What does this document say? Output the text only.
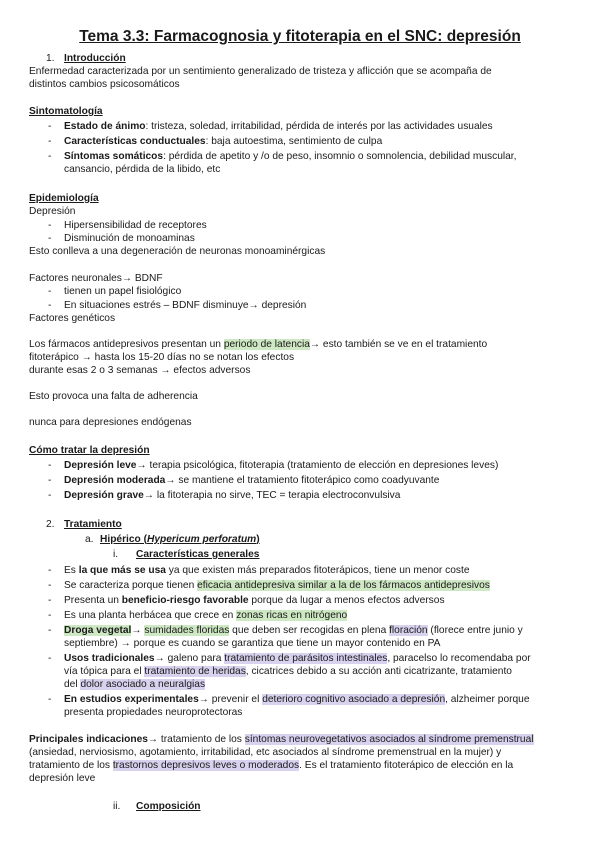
Tema 3.3: Farmacognosia y fitoterapia en el SNC: depresión
1. Introducción
Enfermedad caracterizada por un sentimiento generalizado de tristeza y aflicción que se acompaña de
distintos cambios psicosomáticos
Sintomatología
- Estado de ánimo: tristeza, soledad, irritabilidad, pérdida de interés por las actividades usuales
- Características conductuales: baja autoestima, sentimiento de culpa
- Síntomas somáticos: pérdida de apetito y /o de peso, insomnio o somnolencia, debilidad muscular,
cansancio, pérdida de la libido, etc
Epidemiología
Depresión
- Hipersensibilidad de receptores
- Disminución de monoaminas
Esto conlleva a una degeneración de neuronas monoaminérgicas
Factores neuronales→ BDNF
- tienen un papel fisiológico
- En situaciones estrés – BDNF disminuye→ depresión
Factores genéticos
Los fármacos antidepresivos presentan un periodo de latencia→ esto también se ve en el tratamiento
fitoterápico → hasta los 15-20 días no se notan los efectos
durante esas 2 o 3 semanas → efectos adversos
Esto provoca una falta de adherencia
nunca para depresiones endógenas
Cómo tratar la depresión
- Depresión leve→ terapia psicológica, fitoterapia (tratamiento de elección en depresiones leves)
- Depresión moderada→ se mantiene el tratamiento fitoterápico como coadyuvante
- Depresión grave→ la fitoterapia no sirve, TEC = terapia electroconvulsiva
2. Tratamiento
a. Hipérico (Hypericum perforatum)
i. Características generales
- Es la que más se usa ya que existen más preparados fitoterápicos, tiene un menor coste
- Se caracteriza porque tienen eficacia antidepresiva similar a la de los fármacos antidepresivos
- Presenta un beneficio-riesgo favorable porque da lugar a menos efectos adversos
- Es una planta herbácea que crece en zonas ricas en nitrógeno
- Droga vegetal→ sumidades floridas que deben ser recogidas en plena floración (florece entre junio y
septiembre) → porque es cuando se garantiza que tiene un mayor contenido en PA
- Usos tradicionales→ galeno para tratamiento de parásitos intestinales, paracelso lo recomendaba por
vía tópica para el tratamiento de heridas, cicatrices debido a su acción anti cicatrizante, tratamiento
del dolor asociado a neuralgias
- En estudios experimentales→ prevenir el deterioro cognitivo asociado a depresión, alzheimer porque
presenta propiedades neuroprotectoras
Principales indicaciones→ tratamiento de los síntomas neurovegetativos asociados al síndrome premenstrual
(ansiedad, nerviosismo, agotamiento, irritabilidad, etc asociados al síndrome premenstrual en la mujer) y
tratamiento de los trastornos depresivos leves o moderados. Es el tratamiento fitoterápico de elección en la
depresión leve
ii. Composición
